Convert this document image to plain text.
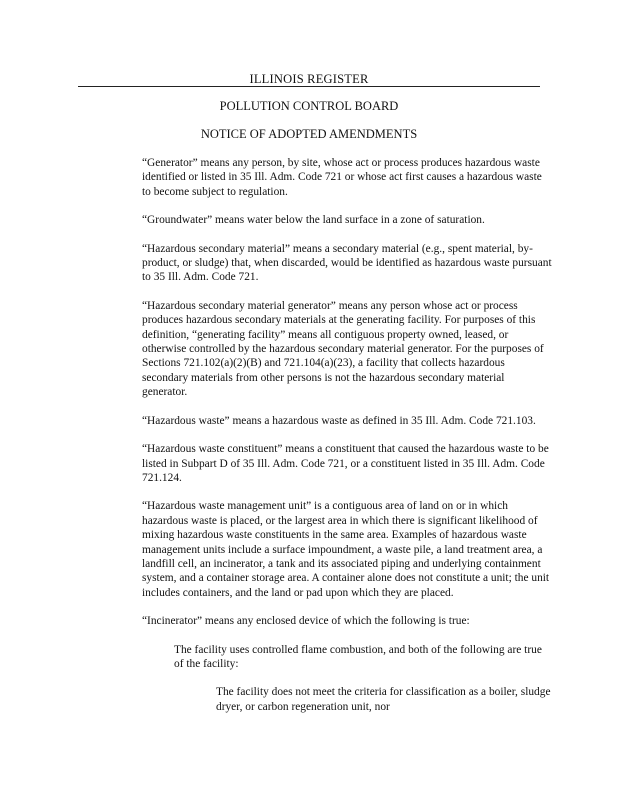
ILLINOIS REGISTER
POLLUTION CONTROL BOARD
NOTICE OF ADOPTED AMENDMENTS

“Generator” means any person, by site, whose act or process produces hazardous waste identified or listed in 35 Ill. Adm. Code 721 or whose act first causes a hazardous waste to become subject to regulation.

“Groundwater” means water below the land surface in a zone of saturation.

“Hazardous secondary material” means a secondary material (e.g., spent material, by-product, or sludge) that, when discarded, would be identified as hazardous waste pursuant to 35 Ill. Adm. Code 721.

“Hazardous secondary material generator” means any person whose act or process produces hazardous secondary materials at the generating facility. For purposes of this definition, “generating facility” means all contiguous property owned, leased, or otherwise controlled by the hazardous secondary material generator. For the purposes of Sections 721.102(a)(2)(B) and 721.104(a)(23), a facility that collects hazardous secondary materials from other persons is not the hazardous secondary material generator.

“Hazardous waste” means a hazardous waste as defined in 35 Ill. Adm. Code 721.103.

“Hazardous waste constituent” means a constituent that caused the hazardous waste to be listed in Subpart D of 35 Ill. Adm. Code 721, or a constituent listed in 35 Ill. Adm. Code 721.124.

“Hazardous waste management unit” is a contiguous area of land on or in which hazardous waste is placed, or the largest area in which there is significant likelihood of mixing hazardous waste constituents in the same area. Examples of hazardous waste management units include a surface impoundment, a waste pile, a land treatment area, a landfill cell, an incinerator, a tank and its associated piping and underlying containment system, and a container storage area. A container alone does not constitute a unit; the unit includes containers, and the land or pad upon which they are placed.

“Incinerator” means any enclosed device of which the following is true:

The facility uses controlled flame combustion, and both of the following are true of the facility:

The facility does not meet the criteria for classification as a boiler, sludge dryer, or carbon regeneration unit, nor
